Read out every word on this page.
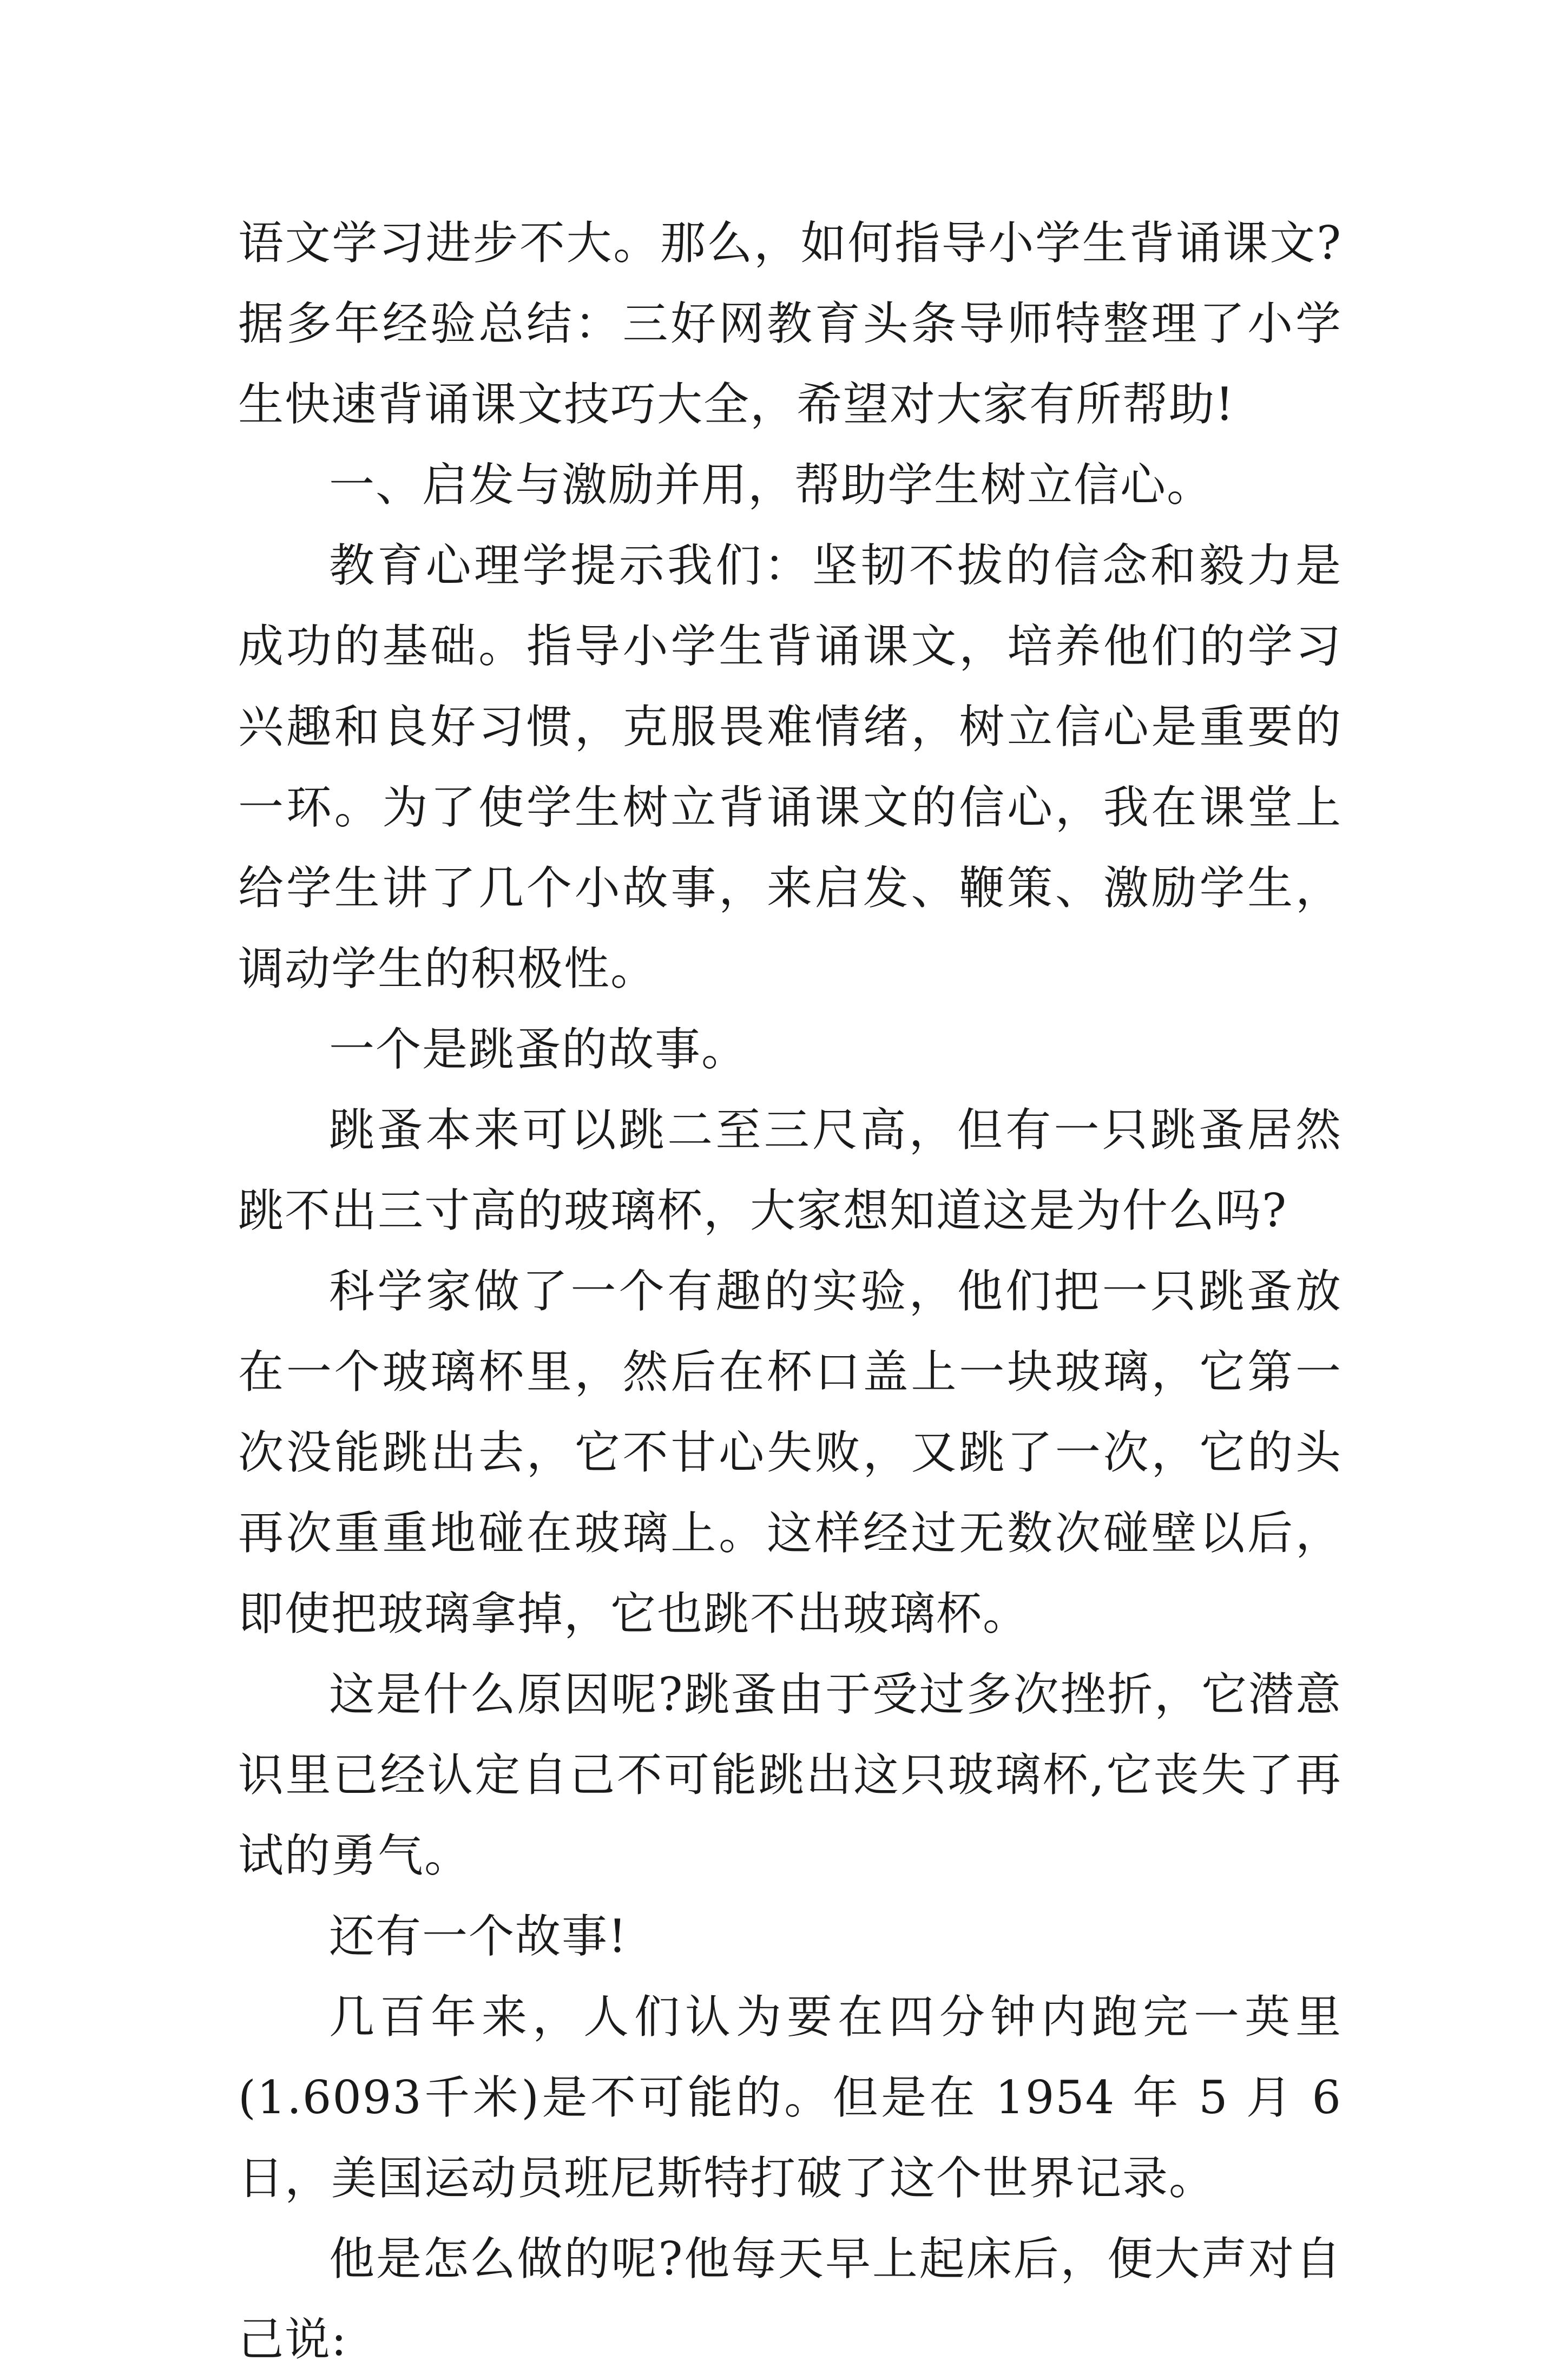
语文学习进步不大。那么，如何指导小学生背诵课文?据多年经验总结：三好网教育头条导师特整理了小学生快速背诵课文技巧大全，希望对大家有所帮助!

一、启发与激励并用，帮助学生树立信心。

教育心理学提示我们：坚韧不拔的信念和毅力是成功的基础。指导小学生背诵课文，培养他们的学习兴趣和良好习惯，克服畏难情绪，树立信心是重要的一环。为了使学生树立背诵课文的信心，我在课堂上给学生讲了几个小故事，来启发、鞭策、激励学生，调动学生的积极性。

一个是跳蚤的故事。

跳蚤本来可以跳二至三尺高，但有一只跳蚤居然跳不出三寸高的玻璃杯，大家想知道这是为什么吗?

科学家做了一个有趣的实验，他们把一只跳蚤放在一个玻璃杯里，然后在杯口盖上一块玻璃，它第一次没能跳出去，它不甘心失败，又跳了一次，它的头再次重重地碰在玻璃上。这样经过无数次碰壁以后，即使把玻璃拿掉，它也跳不出玻璃杯。

这是什么原因呢?跳蚤由于受过多次挫折，它潜意识里已经认定自己不可能跳出这只玻璃杯,它丧失了再试的勇气。

还有一个故事!

几百年来，人们认为要在四分钟内跑完一英里(1.6093千米)是不可能的。但是在 1954 年 5 月 6 日，美国运动员班尼斯特打破了这个世界记录。

他是怎么做的呢?他每天早上起床后，便大声对自己说:
